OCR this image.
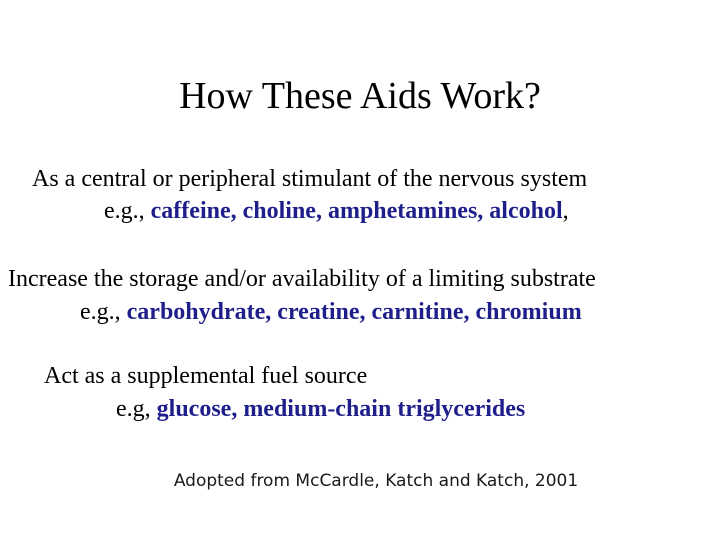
How These Aids Work?
As a central or peripheral stimulant of the nervous system
e.g., caffeine, choline, amphetamines, alcohol,
Increase the storage and/or availability of a limiting substrate
e.g., carbohydrate, creatine, carnitine, chromium
Act as a supplemental fuel source
e.g, glucose, medium-chain triglycerides
Adopted from McCardle, Katch and Katch, 2001
